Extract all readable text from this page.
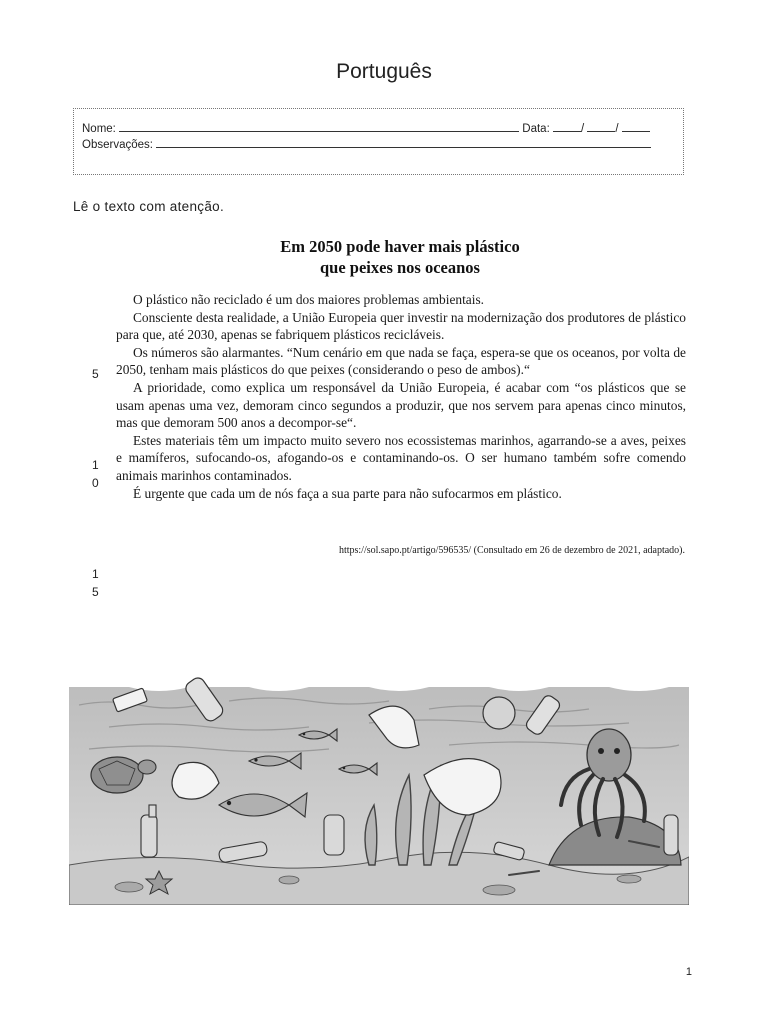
Português
Nome:	Data:	/ /
Observações:
Lê o texto com atenção.
Em 2050 pode haver mais plástico
que peixes nos oceanos
5
1
0
1
5

O plástico não reciclado é um dos maiores problemas ambientais.

Consciente desta realidade, a União Europeia quer investir na modernização dos produtores de plástico para que, até 2030, apenas se fabriquem plásticos recicláveis.

Os números são alarmantes. “Num cenário em que nada se faça, espera-se que os oceanos, por volta de 2050, tenham mais plásticos do que peixes (considerando o peso de ambos).“

A prioridade, como explica um responsável da União Europeia, é acabar com “os plásticos que se usam apenas uma vez, demoram cinco segundos a produzir, que nos servem para apenas cinco minutos, mas que demoram 500 anos a decompor-se“.

Estes materiais têm um impacto muito severo nos ecossistemas marinhos, agarrando-se a aves, peixes e mamíferos, sufocando-os, afogando-os e contaminando-os. O ser humano também sofre comendo animais marinhos contaminados.

É urgente que cada um de nós faça a sua parte para não sufocarmos em plástico.

https://sol.sapo.pt/artigo/596535/ (Consultado em 26 de dezembro de 2021, adaptado).
1
